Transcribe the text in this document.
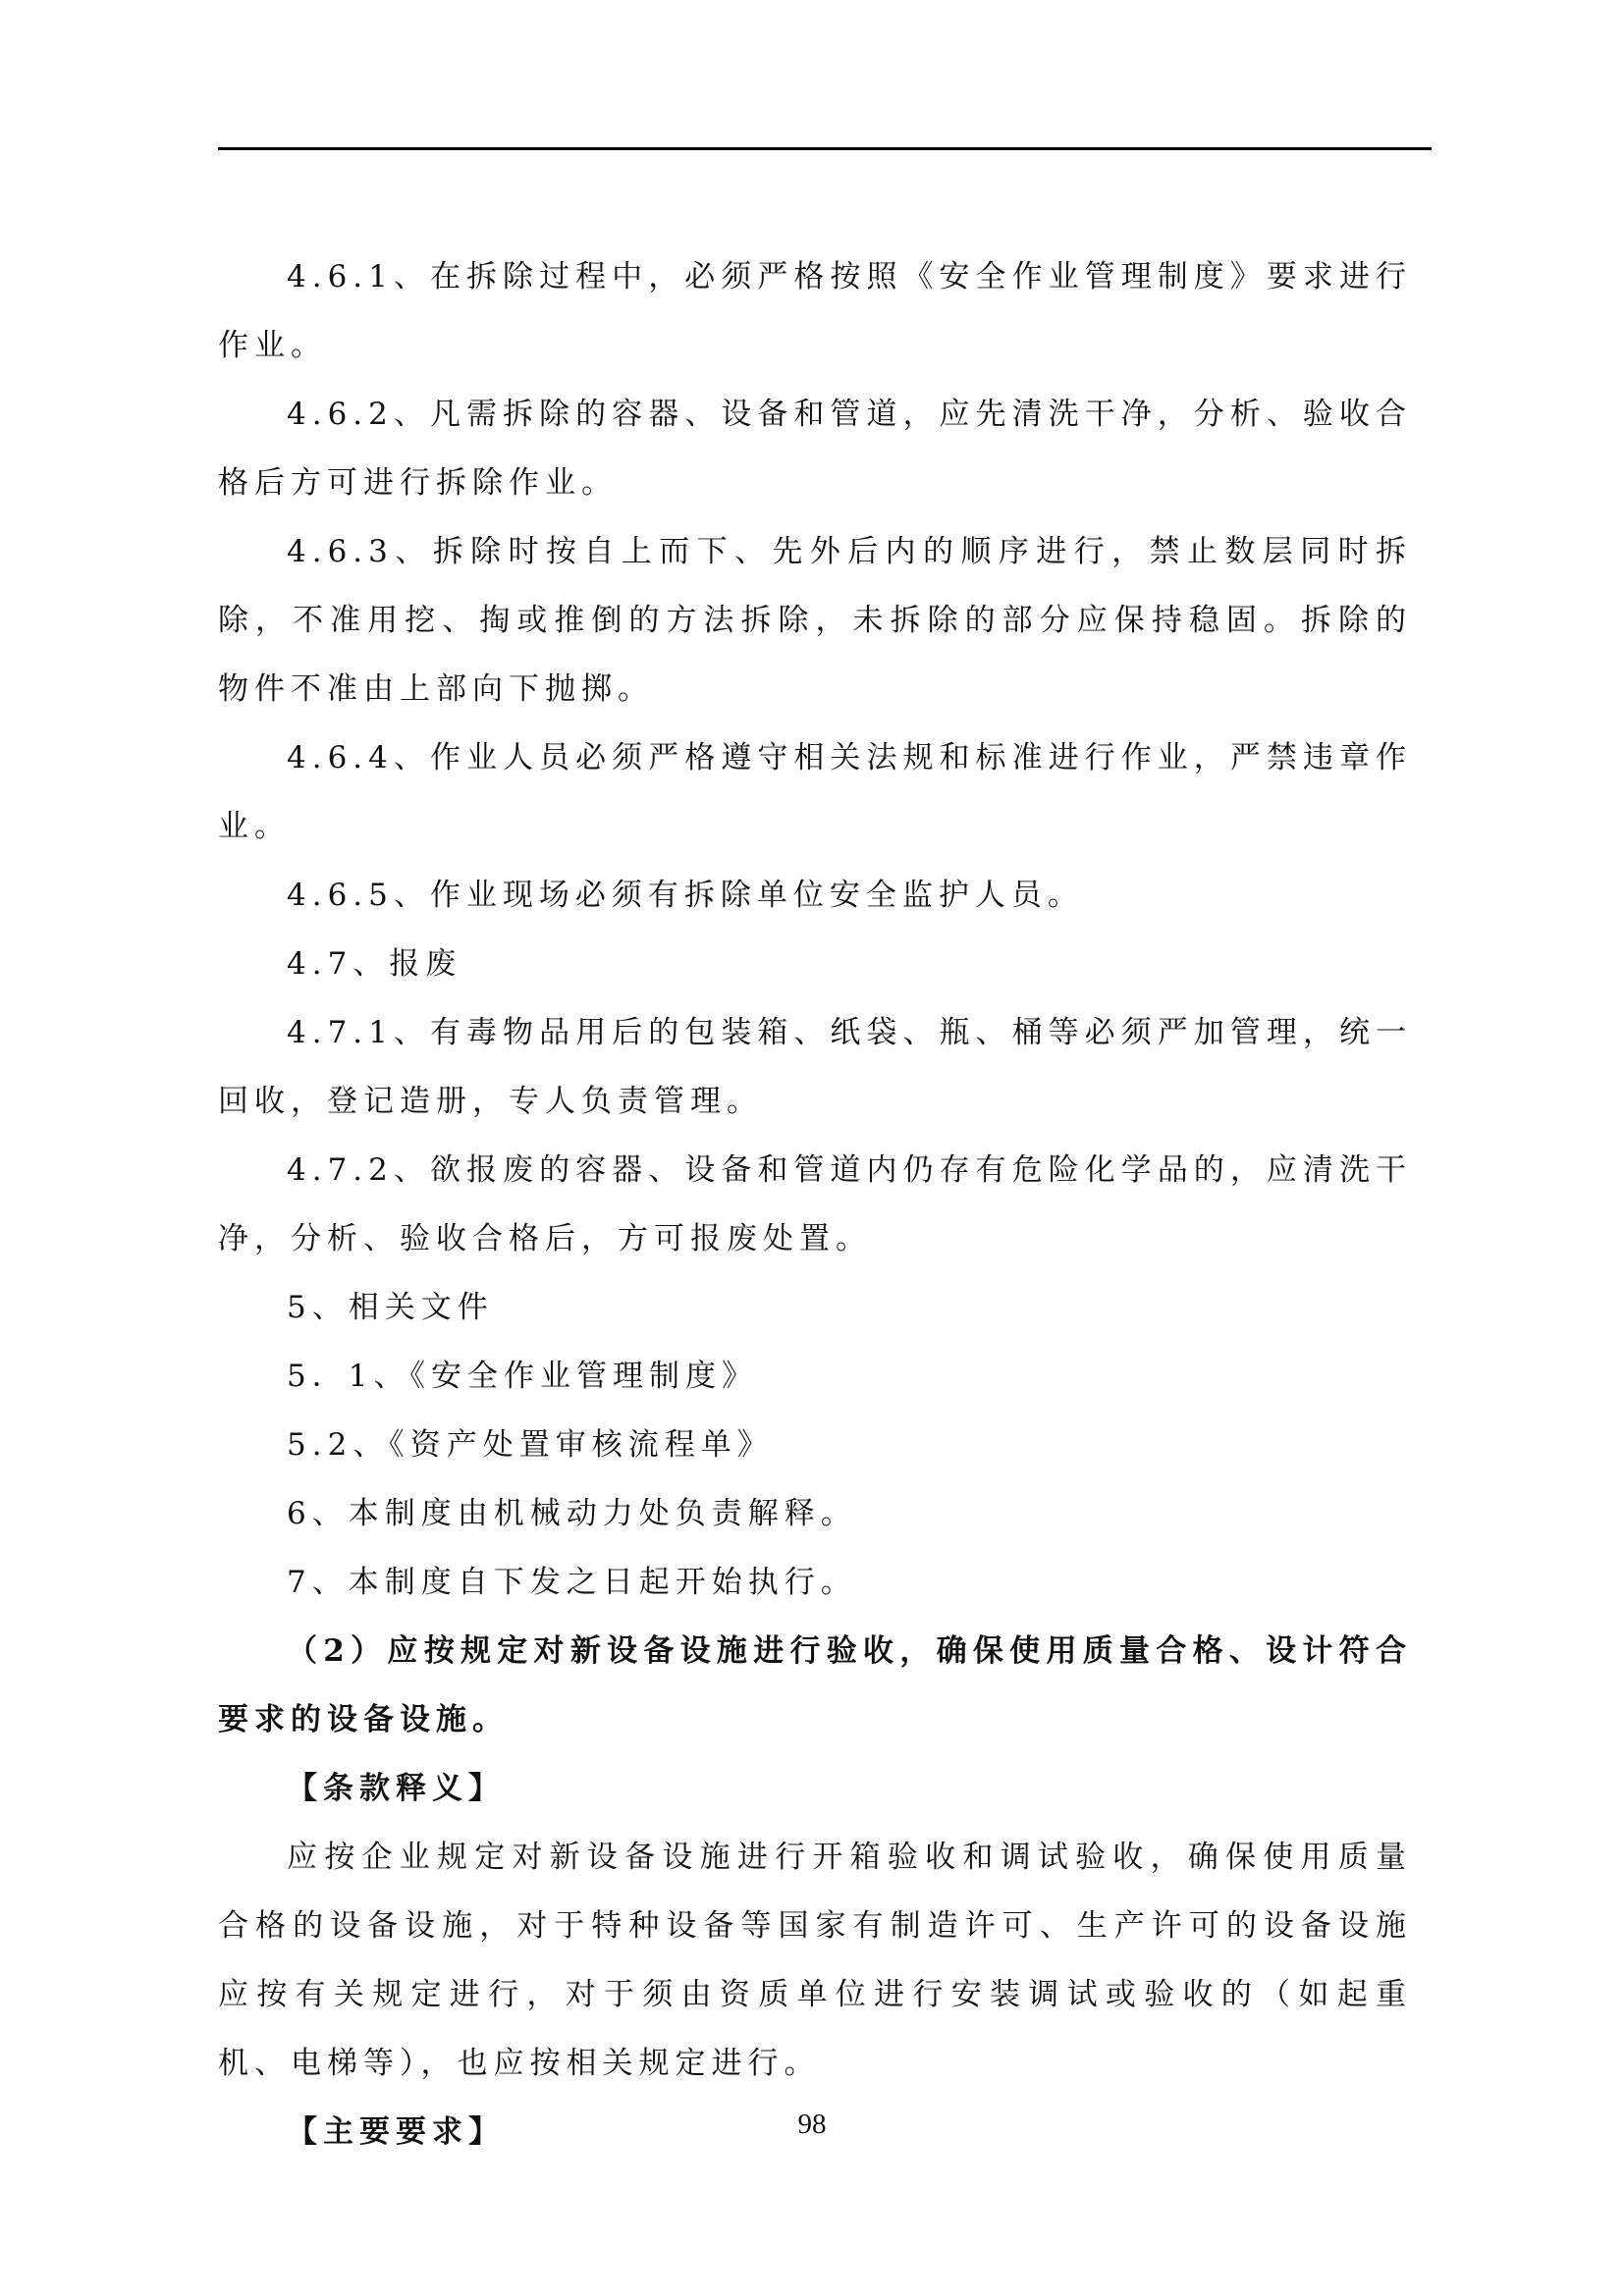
4.6.1、在拆除过程中，必须严格按照《安全作业管理制度》要求进行作业。

4.6.2、凡需拆除的容器、设备和管道，应先清洗干净，分析、验收合格后方可进行拆除作业。

4.6.3、拆除时按自上而下、先外后内的顺序进行，禁止数层同时拆除，不准用挖、掏或推倒的方法拆除，未拆除的部分应保持稳固。拆除的物件不准由上部向下抛掷。

4.6.4、作业人员必须严格遵守相关法规和标准进行作业，严禁违章作业。

4.6.5、作业现场必须有拆除单位安全监护人员。

4.7、报废

4.7.1、有毒物品用后的包装箱、纸袋、瓶、桶等必须严加管理，统一回收，登记造册，专人负责管理。

4.7.2、欲报废的容器、设备和管道内仍存有危险化学品的，应清洗干净，分析、验收合格后，方可报废处置。

5、相关文件

5．1、《安全作业管理制度》

5.2、《资产处置审核流程单》

6、本制度由机械动力处负责解释。

7、本制度自下发之日起开始执行。

（2）应按规定对新设备设施进行验收，确保使用质量合格、设计符合要求的设备设施。

【条款释义】

应按企业规定对新设备设施进行开箱验收和调试验收，确保使用质量合格的设备设施，对于特种设备等国家有制造许可、生产许可的设备设施应按有关规定进行，对于须由资质单位进行安装调试或验收的（如起重机、电梯等），也应按相关规定进行。

【主要要求】	98
